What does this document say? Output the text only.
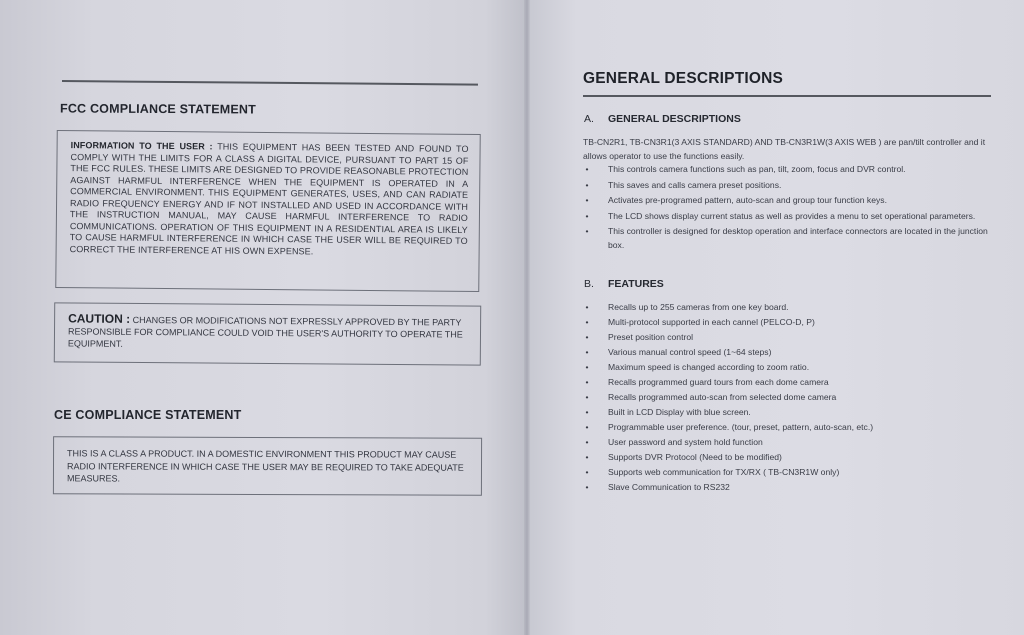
FCC COMPLIANCE STATEMENT
INFORMATION TO THE USER : THIS EQUIPMENT HAS BEEN TESTED AND FOUND TO COMPLY WITH THE LIMITS FOR A CLASS A DIGITAL DEVICE, PURSUANT TO PART 15 OF THE FCC RULES. THESE LIMITS ARE DESIGNED TO PROVIDE REASONABLE PROTECTION AGAINST HARMFUL INTERFERENCE WHEN THE EQUIPMENT IS OPERATED IN A COMMERCIAL ENVIRONMENT. THIS EQUIPMENT GENERATES, USES, AND CAN RADIATE RADIO FREQUENCY ENERGY AND IF NOT INSTALLED AND USED IN ACCORDANCE WITH THE INSTRUCTION MANUAL, MAY CAUSE HARMFUL INTERFERENCE TO RADIO COMMUNICATIONS. OPERATION OF THIS EQUIPMENT IN A RESIDENTIAL AREA IS LIKELY TO CAUSE HARMFUL INTERFERENCE IN WHICH CASE THE USER WILL BE REQUIRED TO CORRECT THE INTERFERENCE AT HIS OWN EXPENSE.
CAUTION : CHANGES OR MODIFICATIONS NOT EXPRESSLY APPROVED BY THE PARTY RESPONSIBLE FOR COMPLIANCE COULD VOID THE USER'S AUTHORITY TO OPERATE THE EQUIPMENT.
CE COMPLIANCE STATEMENT
THIS IS A CLASS A PRODUCT. IN A DOMESTIC ENVIRONMENT THIS PRODUCT MAY CAUSE RADIO INTERFERENCE IN WHICH CASE THE USER MAY BE REQUIRED TO TAKE ADEQUATE MEASURES.
GENERAL DESCRIPTIONS
A. GENERAL DESCRIPTIONS
TB-CN2R1, TB-CN3R1(3 AXIS STANDARD) AND TB-CN3R1W(3 AXIS WEB ) are pan/tilt controller and it allows operator to use the functions easily.
• This controls camera functions such as pan, tilt, zoom, focus and DVR control.
• This saves and calls camera preset positions.
• Activates pre-programed pattern, auto-scan and group tour function keys.
• The LCD shows display current status as well as provides a menu to set operational parameters.
• This controller is designed for desktop operation and interface connectors are located in the junction box.
B. FEATURES
• Recalls up to 255 cameras from one key board.
• Multi-protocol supported in each cannel (PELCO-D, P)
• Preset position control
• Various manual control speed (1~64 steps)
• Maximum speed is changed according to zoom ratio.
• Recalls programmed guard tours from each dome camera
• Recalls programmed auto-scan from selected dome camera
• Built in LCD Display with blue screen.
• Programmable user preference. (tour, preset, pattern, auto-scan, etc.)
• User password and system hold function
• Supports DVR Protocol (Need to be modified)
• Supports web communication for TX/RX ( TB-CN3R1W only)
• Slave Communication to RS232
